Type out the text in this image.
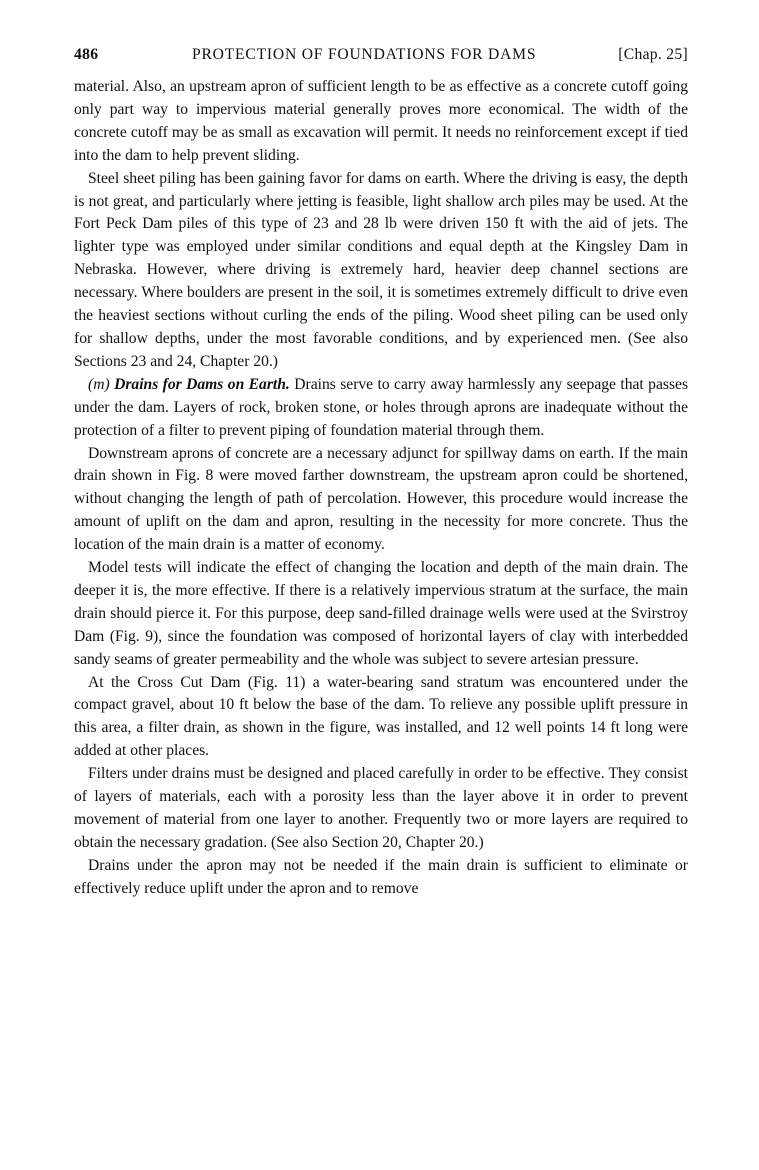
486	PROTECTION OF FOUNDATIONS FOR DAMS	[Chap. 25]

material. Also, an upstream apron of sufficient length to be as effective as a concrete cutoff going only part way to impervious material generally proves more economical. The width of the concrete cutoff may be as small as excavation will permit. It needs no reinforcement except if tied into the dam to help prevent sliding.

Steel sheet piling has been gaining favor for dams on earth. Where the driving is easy, the depth is not great, and particularly where jetting is feasible, light shallow arch piles may be used. At the Fort Peck Dam piles of this type of 23 and 28 lb were driven 150 ft with the aid of jets. The lighter type was employed under similar conditions and equal depth at the Kingsley Dam in Nebraska. However, where driving is extremely hard, heavier deep channel sections are necessary. Where boulders are present in the soil, it is sometimes extremely difficult to drive even the heaviest sections without curling the ends of the piling. Wood sheet piling can be used only for shallow depths, under the most favorable conditions, and by experienced men. (See also Sections 23 and 24, Chapter 20.)

(m) Drains for Dams on Earth. Drains serve to carry away harmlessly any seepage that passes under the dam. Layers of rock, broken stone, or holes through aprons are inadequate without the protection of a filter to prevent piping of foundation material through them.

Downstream aprons of concrete are a necessary adjunct for spillway dams on earth. If the main drain shown in Fig. 8 were moved farther downstream, the upstream apron could be shortened, without changing the length of path of percolation. However, this procedure would increase the amount of uplift on the dam and apron, resulting in the necessity for more concrete. Thus the location of the main drain is a matter of economy.

Model tests will indicate the effect of changing the location and depth of the main drain. The deeper it is, the more effective. If there is a relatively impervious stratum at the surface, the main drain should pierce it. For this purpose, deep sand-filled drainage wells were used at the Svirstroy Dam (Fig. 9), since the foundation was composed of horizontal layers of clay with interbedded sandy seams of greater permeability and the whole was subject to severe artesian pressure.

At the Cross Cut Dam (Fig. 11) a water-bearing sand stratum was encountered under the compact gravel, about 10 ft below the base of the dam. To relieve any possible uplift pressure in this area, a filter drain, as shown in the figure, was installed, and 12 well points 14 ft long were added at other places.

Filters under drains must be designed and placed carefully in order to be effective. They consist of layers of materials, each with a porosity less than the layer above it in order to prevent movement of material from one layer to another. Frequently two or more layers are required to obtain the necessary gradation. (See also Section 20, Chapter 20.)

Drains under the apron may not be needed if the main drain is sufficient to eliminate or effectively reduce uplift under the apron and to remove
